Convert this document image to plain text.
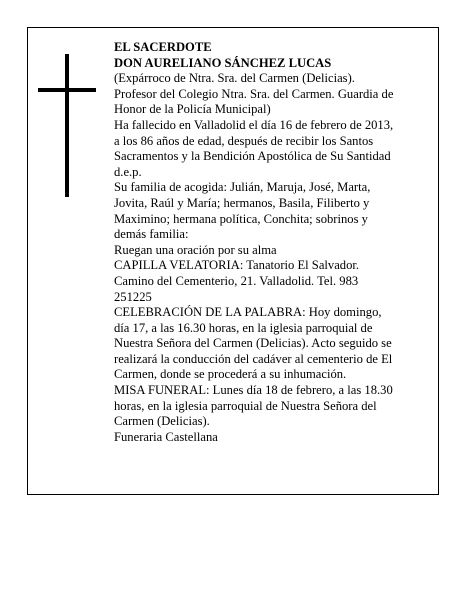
EL SACERDOTE
DON AURELIANO SÁNCHEZ LUCAS
(Expárroco de Ntra. Sra. del Carmen (Delicias).
Profesor del Colegio Ntra. Sra. del Carmen. Guardia de
Honor de la Policía Municipal)
Ha fallecido en Valladolid el día 16 de febrero de 2013,
a los 86 años de edad, después de recibir los Santos
Sacramentos y la Bendición Apostólica de Su Santidad
d.e.p.
Su familia de acogida: Julián, Maruja, José, Marta,
Jovita, Raúl y María; hermanos, Basila, Filiberto y
Maximino; hermana política, Conchita; sobrinos y
demás familia:
Ruegan una oración por su alma
CAPILLA VELATORIA: Tanatorio El Salvador.
Camino del Cementerio, 21. Valladolid. Tel. 983
251225
CELEBRACIÓN DE LA PALABRA: Hoy domingo,
día 17, a las 16.30 horas, en la iglesia parroquial de
Nuestra Señora del Carmen (Delicias). Acto seguido se
realizará la conducción del cadáver al cementerio de El
Carmen, donde se procederá a su inhumación.
MISA FUNERAL: Lunes día 18 de febrero, a las 18.30
horas, en la iglesia parroquial de Nuestra Señora del
Carmen (Delicias).
Funeraria Castellana
